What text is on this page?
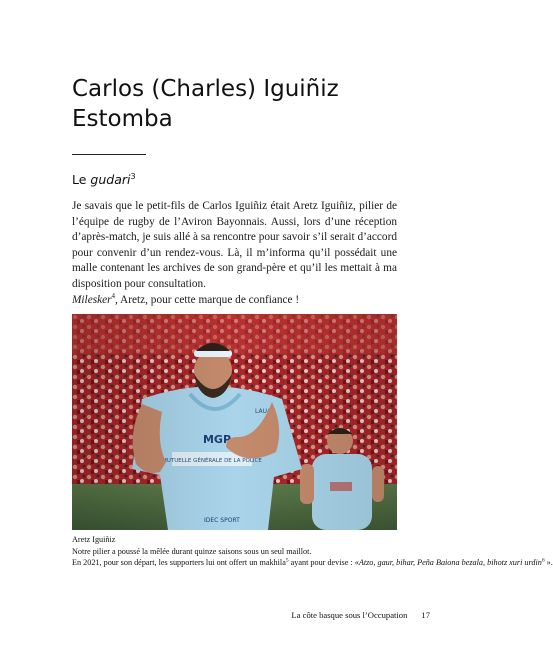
Carlos (Charles) Iguiñiz Estomba
Le gudari$^3$

Je savais que le petit-fils de Carlos Iguiñiz était Aretz Iguiñiz, pilier de l’équipe de rugby de l’Aviron Bayonnais. Aussi, lors d’une réception d’après-match, je suis allé à sa rencontre pour savoir s’il serait d’accord pour convenir d’un rendez-vous. Là, il m’informa qu’il possédait une malle contenant les archives de son grand-père et qu’il les mettait à ma disposition pour consultation.

Milesker$^4$, Aretz, pour cette marque de confiance !

Aretz Iguiñiz
Notre pilier a poussé la mêlée durant quinze saisons sous un seul maillot.
En 2021, pour son départ, les supporters lui ont offert un makhila$^5$ ayant pour devise : «Atzo, gaur, bihar, Peña Baiona bezala, bihotz xuri urdin$^6$ ».
La côte basque sous l’Occupation 17
